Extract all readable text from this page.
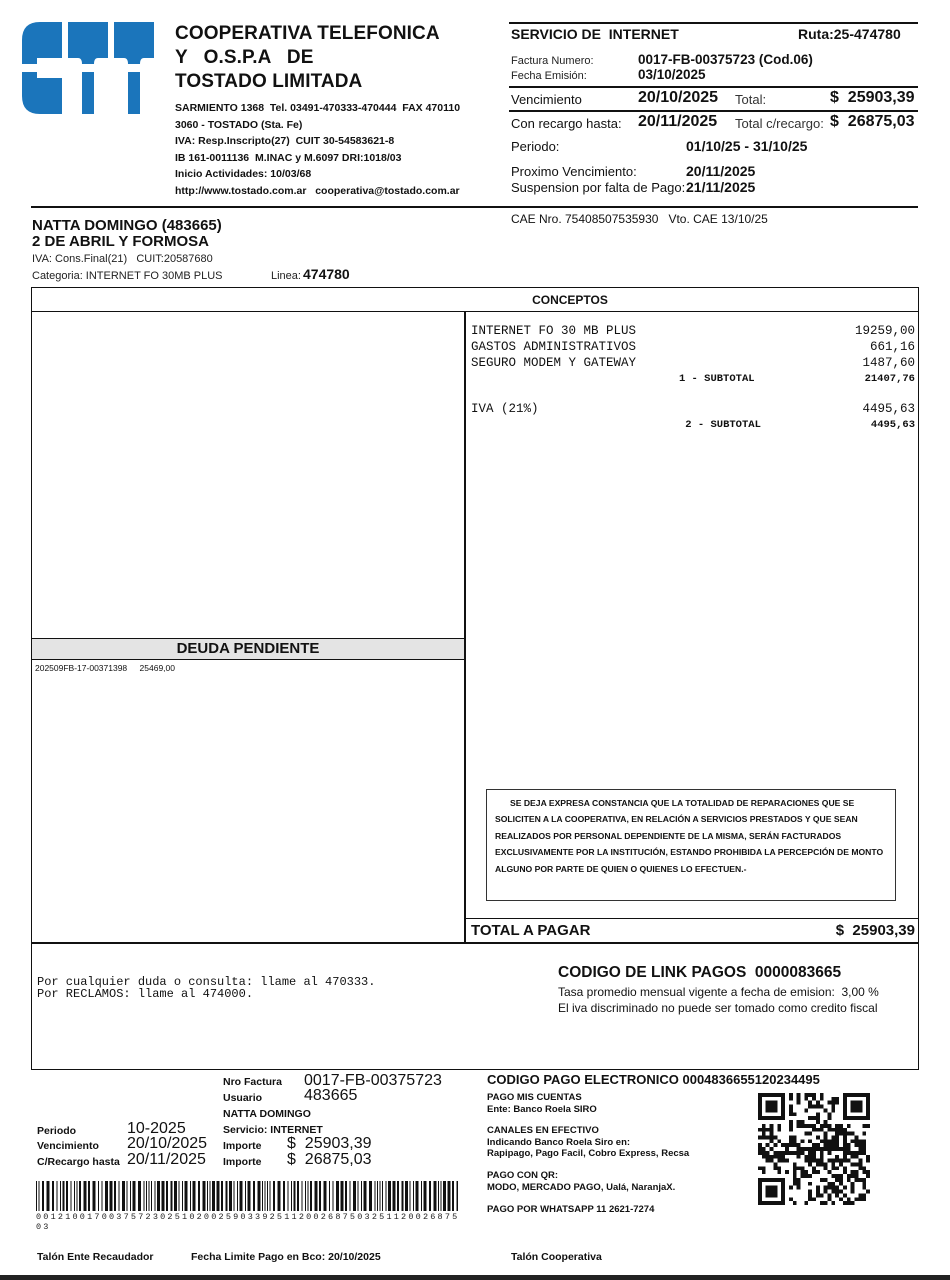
COOPERATIVA TELEFONICA
Y   O.S.P.A   DE
TOSTADO LIMITADA
SARMIENTO 1368  Tel. 03491-470333-470444  FAX 470110
3060 - TOSTADO (Sta. Fe)
IVA: Resp.Inscripto(27)  CUIT 30-54583621-8
IB 161-0011136  M.INAC y M.6097 DRI:1018/03
Inicio Actividades: 10/03/68
http://www.tostado.com.ar   cooperativa@tostado.com.ar
SERVICIO DE  INTERNET	Ruta:25-474780
Factura Numero:	0017-FB-00375723 (Cod.06)
Fecha Emisión:	03/10/2025
Vencimiento	20/10/2025 Total:	$  25903,39
Con recargo hasta: 20/11/2025 Total c/recargo: $  26875,03
Periodo:	01/10/25 - 31/10/25
Proximo Vencimiento:	20/11/2025
Suspension por falta de Pago: 21/11/2025
CAE Nro. 75408507535930   Vto. CAE 13/10/25
NATTA DOMINGO (483665)
2 DE ABRIL Y FORMOSA
IVA: Cons.Final(21)   CUIT:20587680
Categoria: INTERNET FO 30MB PLUS	Linea: 474780
CONCEPTOS
DEUDA PENDIENTE
202509FB-17-00371398 25469,00
INTERNET FO 30 MB PLUS	19259,00
GASTOS ADMINISTRATIVOS	661,16
SEGURO MODEM Y GATEWAY	1487,60
1 - SUBTOTAL	21407,76
IVA (21%)	4495,63
2 - SUBTOTAL	4495,63
SE DEJA EXPRESA CONSTANCIA QUE LA TOTALIDAD DE REPARACIONES QUE SE SOLICITEN A LA COOPERATIVA, EN RELACIÓN A SERVICIOS PRESTADOS Y QUE SEAN REALIZADOS POR PERSONAL DEPENDIENTE DE LA MISMA, SERÁN FACTURADOS EXCLUSIVAMENTE POR LA INSTITUCIÓN, ESTANDO PROHIBIDA LA PERCEPCIÓN DE MONTO ALGUNO POR PARTE DE QUIEN O QUIENES LO EFECTUEN.-
TOTAL A PAGAR	$  25903,39
Por cualquier duda o consulta: llame al 470333.
Por RECLAMOS: llame al 474000.
CODIGO DE LINK PAGOS  0000083665
Tasa promedio mensual vigente a fecha de emision:  3,00 %
El iva discriminado no puede ser tomado como credito fiscal
Nro Factura 0017-FB-00375723
Usuario	483665
NATTA DOMINGO
Servicio: INTERNET
Periodo	10-2025
Vencimiento 20/10/2025
C/Recargo hasta 20/11/2025
Importe $  25903,39
Importe $  26875,03
0012100170037572302510200259033925112002687503251120026875 03
CODIGO PAGO ELECTRONICO 0004836655120234495
PAGO MIS CUENTAS
Ente: Banco Roela SIRO
CANALES EN EFECTIVO
Indicando Banco Roela Siro en:
Rapipago, Pago Facil, Cobro Express, Recsa
PAGO CON QR:
MODO, MERCADO PAGO, Ualá, NaranjaX.
PAGO POR WHATSAPP 11 2621-7274
Talón Ente Recaudador	Fecha Limite Pago en Bco: 20/10/2025	Talón Cooperativa
